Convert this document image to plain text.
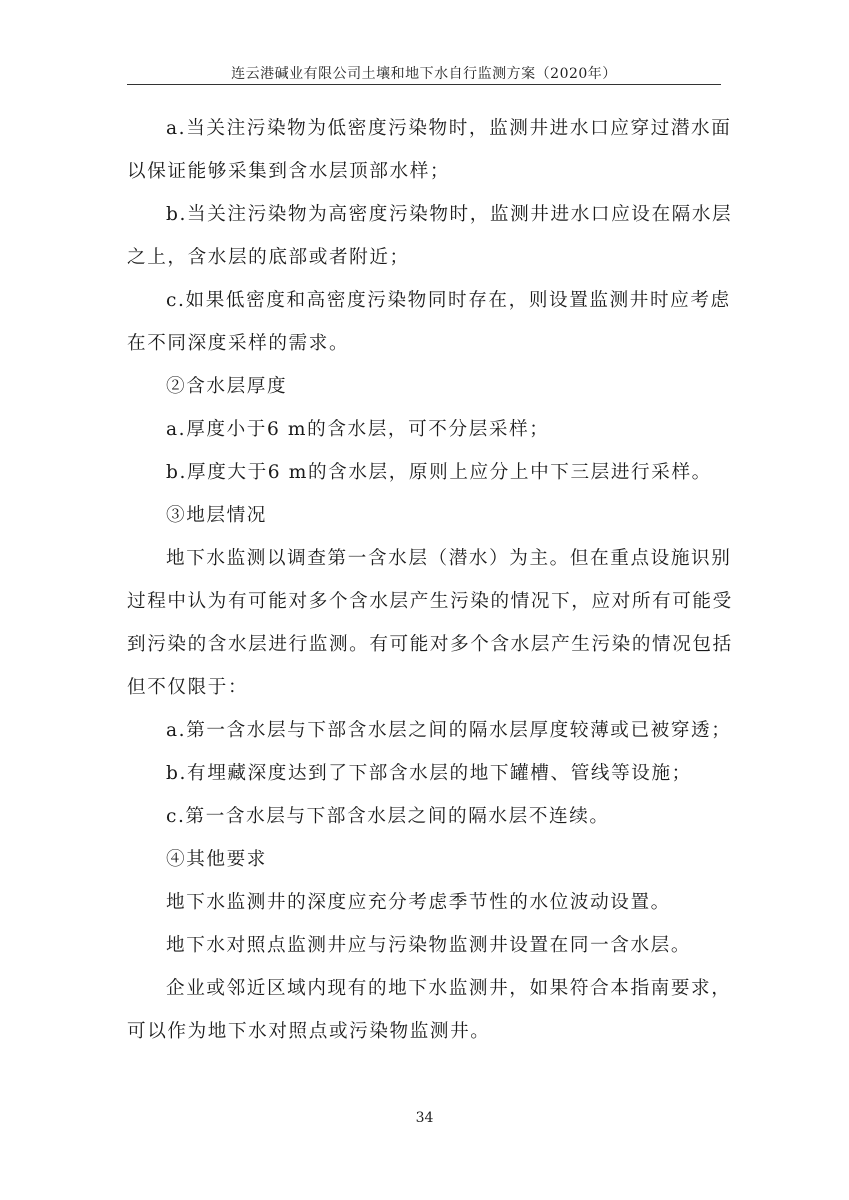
连云港碱业有限公司土壤和地下水自行监测方案（2020年）

a.当关注污染物为低密度污染物时，监测井进水口应穿过潜水面

以保证能够采集到含水层顶部水样；

b.当关注污染物为高密度污染物时，监测井进水口应设在隔水层

之上，含水层的底部或者附近；

c.如果低密度和高密度污染物同时存在，则设置监测井时应考虑

在不同深度采样的需求。

②含水层厚度

a.厚度小于6 m的含水层，可不分层采样；

b.厚度大于6 m的含水层，原则上应分上中下三层进行采样。

③地层情况

地下水监测以调查第一含水层（潜水）为主。但在重点设施识别

过程中认为有可能对多个含水层产生污染的情况下，应对所有可能受

到污染的含水层进行监测。有可能对多个含水层产生污染的情况包括

但不仅限于：

a.第一含水层与下部含水层之间的隔水层厚度较薄或已被穿透；

b.有埋藏深度达到了下部含水层的地下罐槽、管线等设施；

c.第一含水层与下部含水层之间的隔水层不连续。

④其他要求

地下水监测井的深度应充分考虑季节性的水位波动设置。

地下水对照点监测井应与污染物监测井设置在同一含水层。

企业或邻近区域内现有的地下水监测井，如果符合本指南要求，

可以作为地下水对照点或污染物监测井。

34
